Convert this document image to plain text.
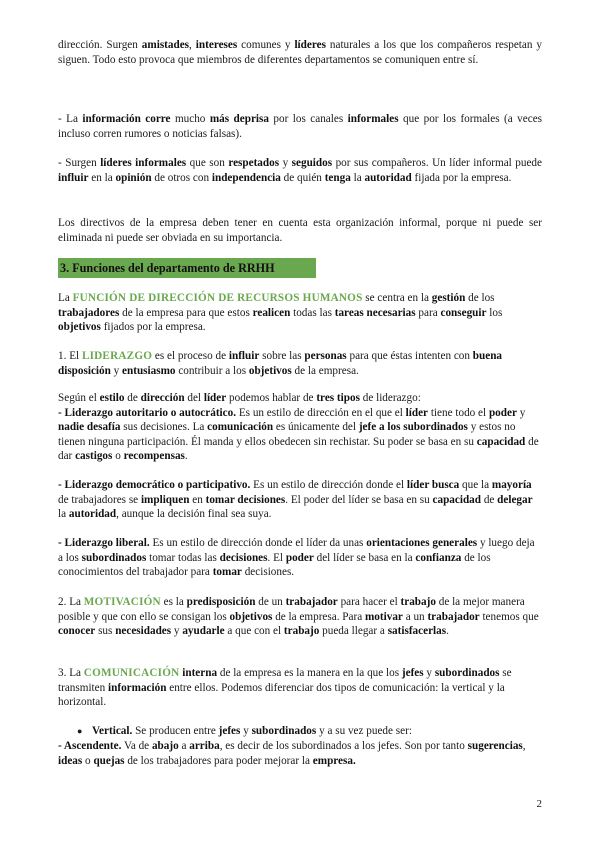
dirección. Surgen amistades, intereses comunes y líderes naturales a los que los compañeros respetan y siguen. Todo esto provoca que miembros de diferentes departamentos se comuniquen entre sí.

- La información corre mucho más deprisa por los canales informales que por los formales (a veces incluso corren rumores o noticias falsas).

- Surgen líderes informales que son respetados y seguidos por sus compañeros. Un líder informal puede influir en la opinión de otros con independencia de quién tenga la autoridad fijada por la empresa.

Los directivos de la empresa deben tener en cuenta esta organización informal, porque ni puede ser eliminada ni puede ser obviada en su importancia.

3. Funciones del departamento de RRHH

La FUNCIÓN DE DIRECCIÓN DE RECURSOS HUMANOS se centra en la gestión de los trabajadores de la empresa para que estos realicen todas las tareas necesarias para conseguir los objetivos fijados por la empresa.

1. El LIDERAZGO es el proceso de influir sobre las personas para que éstas intenten con buena disposición y entusiasmo contribuir a los objetivos de la empresa.

Según el estilo de dirección del líder podemos hablar de tres tipos de liderazgo:
- Liderazgo autoritario o autocrático. Es un estilo de dirección en el que el líder tiene todo el poder y nadie desafía sus decisiones. La comunicación es únicamente del jefe a los subordinados y estos no tienen ninguna participación. Él manda y ellos obedecen sin rechistar. Su poder se basa en su capacidad de dar castigos o recompensas.

- Liderazgo democrático o participativo. Es un estilo de dirección donde el líder busca que la mayoría de trabajadores se impliquen en tomar decisiones. El poder del líder se basa en su capacidad de delegar la autoridad, aunque la decisión final sea suya.

- Liderazgo liberal. Es un estilo de dirección donde el líder da unas orientaciones generales y luego deja a los subordinados tomar todas las decisiones. El poder del líder se basa en la confianza de los conocimientos del trabajador para tomar decisiones.

2. La MOTIVACIÓN es la predisposición de un trabajador para hacer el trabajo de la mejor manera posible y que con ello se consigan los objetivos de la empresa. Para motivar a un trabajador tenemos que conocer sus necesidades y ayudarle a que con el trabajo pueda llegar a satisfacerlas.

3. La COMUNICACIÓN interna de la empresa es la manera en la que los jefes y subordinados se transmiten información entre ellos. Podemos diferenciar dos tipos de comunicación: la vertical y la horizontal.

● Vertical. Se producen entre jefes y subordinados y a su vez puede ser:

- Ascendente. Va de abajo a arriba, es decir de los subordinados a los jefes. Son por tanto sugerencias, ideas o quejas de los trabajadores para poder mejorar la empresa.

2
